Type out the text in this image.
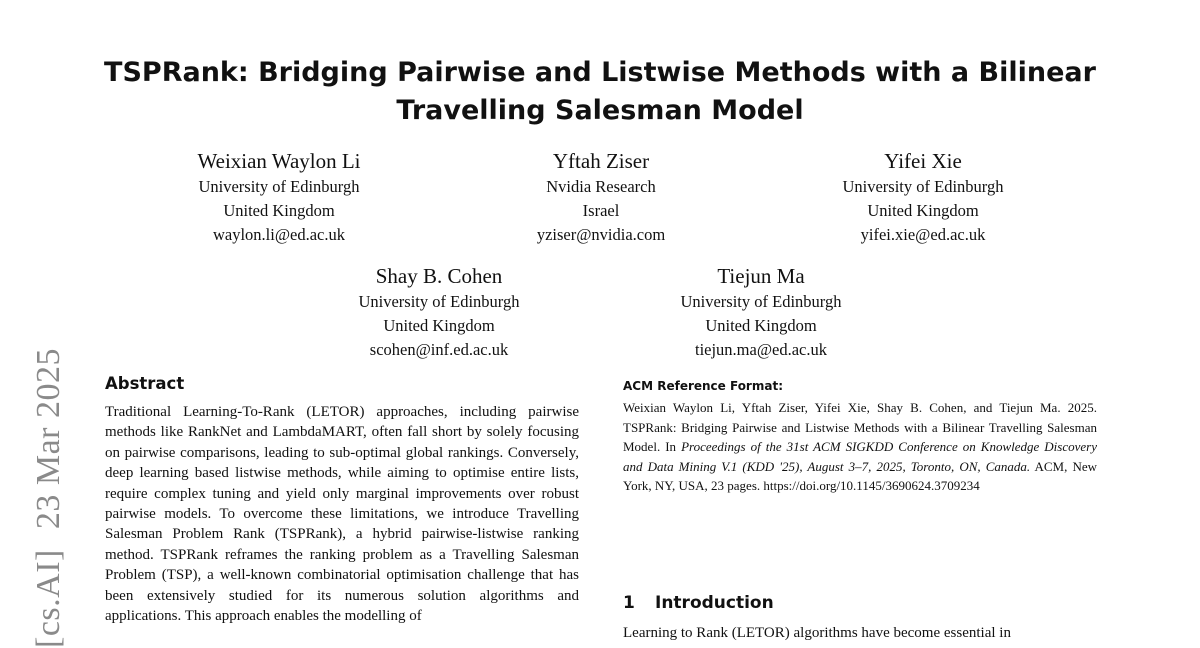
[cs.AI]23 Mar 2025
TSPRank: Bridging Pairwise and Listwise Methods with a Bilinear
Travelling Salesman Model
Weixian Waylon Li
University of Edinburgh
United Kingdom
waylon.li@ed.ac.uk
Yftah Ziser
Nvidia Research
Israel
yziser@nvidia.com
Yifei Xie
University of Edinburgh
United Kingdom
yifei.xie@ed.ac.uk
Shay B. Cohen
University of Edinburgh
United Kingdom
scohen@inf.ed.ac.uk
Tiejun Ma
University of Edinburgh
United Kingdom
tiejun.ma@ed.ac.uk
Abstract
Traditional Learning-To-Rank (LETOR) approaches, including pairwise methods like RankNet and LambdaMART, often fall short by solely focusing on pairwise comparisons, leading to sub-optimal global rankings. Conversely, deep learning based listwise methods, while aiming to optimise entire lists, require complex tuning and yield only marginal improvements over robust pairwise models. To overcome these limitations, we introduce Travelling Salesman Problem Rank (TSPRank), a hybrid pairwise-listwise ranking method. TSPRank reframes the ranking problem as a Travelling Salesman Problem (TSP), a well-known combinatorial optimisation challenge that has been extensively studied for its numerous solution algorithms and applications. This approach enables the modelling of
ACM Reference Format:
Weixian Waylon Li, Yftah Ziser, Yifei Xie, Shay B. Cohen, and Tiejun Ma. 2025. TSPRank: Bridging Pairwise and Listwise Methods with a Bilinear Travelling Salesman Model. In Proceedings of the 31st ACM SIGKDD Conference on Knowledge Discovery and Data Mining V.1 (KDD '25), August 3–7, 2025, Toronto, ON, Canada. ACM, New York, NY, USA, 23 pages. https://doi.org/10.1145/3690624.3709234
1 Introduction
Learning to Rank (LETOR) algorithms have become essential in
